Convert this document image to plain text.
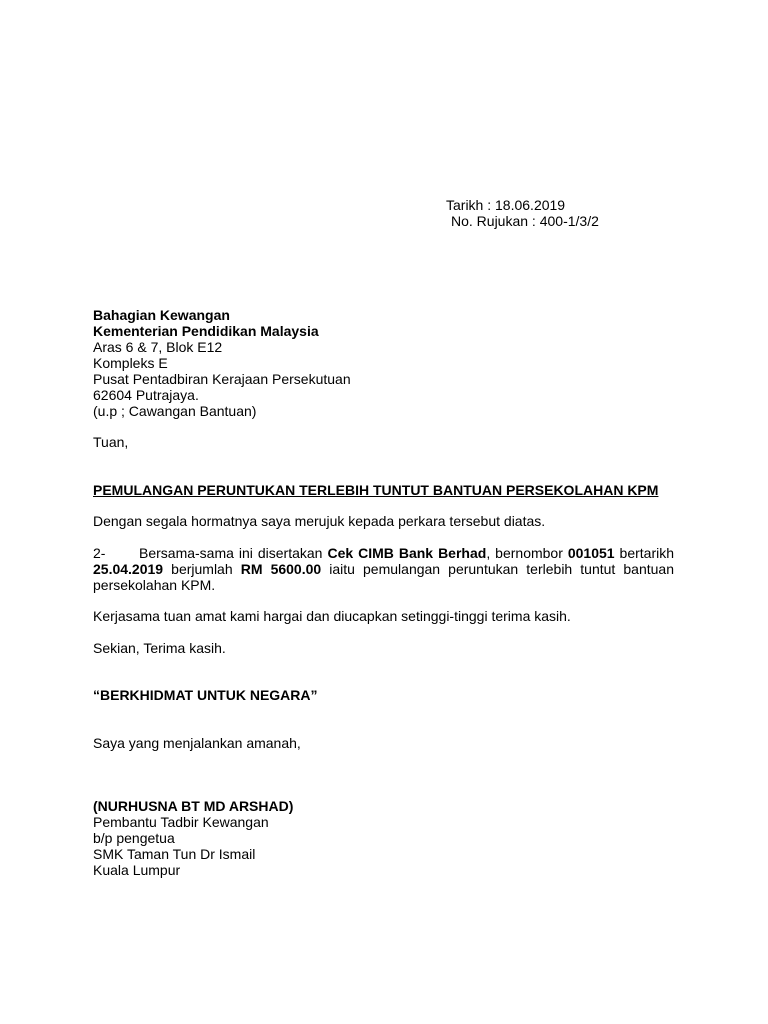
Tarikh : 18.06.2019
No. Rujukan : 400-1/3/2
Bahagian Kewangan
Kementerian Pendidikan Malaysia
Aras 6 & 7, Blok E12
Kompleks E
Pusat Pentadbiran Kerajaan Persekutuan
62604 Putrajaya.
(u.p ; Cawangan Bantuan)
Tuan,
PEMULANGAN PERUNTUKAN TERLEBIH TUNTUT BANTUAN PERSEKOLAHAN KPM
Dengan segala hormatnya saya merujuk kepada perkara tersebut diatas.
2- Bersama-sama ini disertakan Cek CIMB Bank Berhad, bernombor 001051 bertarikh 25.04.2019 berjumlah RM 5600.00 iaitu pemulangan peruntukan terlebih tuntut bantuan persekolahan KPM.
Kerjasama tuan amat kami hargai dan diucapkan setinggi-tinggi terima kasih.
Sekian, Terima kasih.
“BERKHIDMAT UNTUK NEGARA”
Saya yang menjalankan amanah,
(NURHUSNA BT MD ARSHAD)
Pembantu Tadbir Kewangan
b/p pengetua
SMK Taman Tun Dr Ismail
Kuala Lumpur
